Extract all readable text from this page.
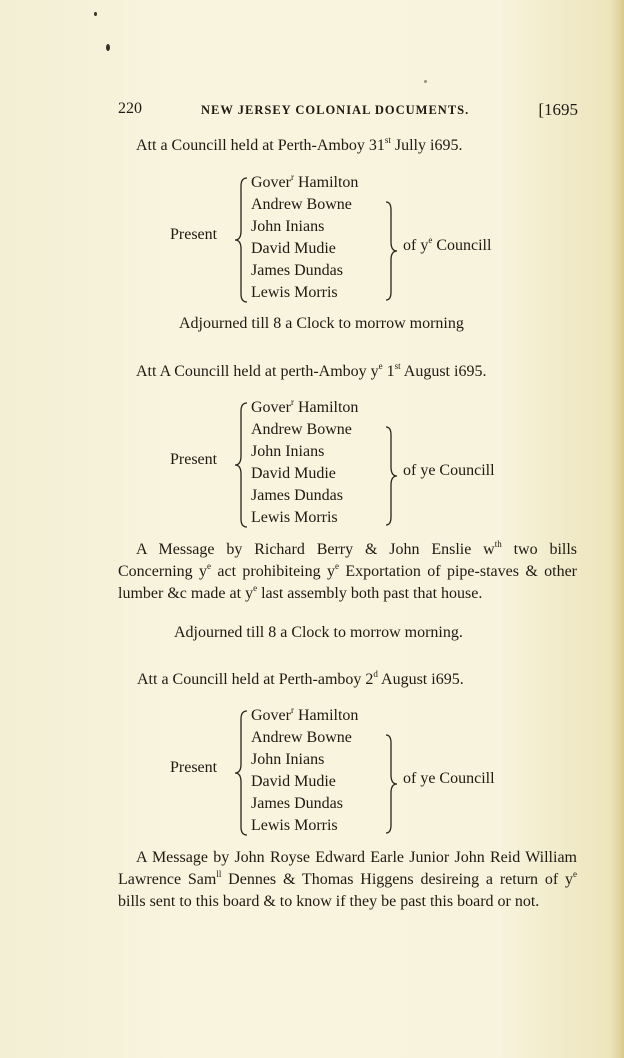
220	NEW JERSEY COLONIAL DOCUMENTS.	[1695
Att a Councill held at Perth-Amboy 31st Jully i695.
Present
Gover$^r$ Hamilton
Andrew Bowne
John Inians
David Mudie
James Dundas
Lewis Morris
of $y^e$ Councill
Adjourned till 8 a Clock to morrow morning
Att A Councill held at perth-Amboy $y^e$ 1st August i695.
Present
Gover$^r$ Hamilton
Andrew Bowne
John Inians
David Mudie
James Dundas
Lewis Morris
of ye Councill
A Message by Richard Berry & John Enslie $w^{th}$ two bills Concerning $y^e$ act prohibiteing $y^e$ Exportation of pipe-staves & other lumber &c made at $y^e$ last assembly both past that house.
Adjourned till 8 a Clock to morrow morning.
Att a Councill held at Perth-amboy 2$^d$ August i695.
Present
Gover$^r$ Hamilton
Andrew Bowne
John Inians
David Mudie
James Dundas
Lewis Morris
of ye Councill
A Message by John Royse Edward Earle Junior John Reid William Lawrence Sam$^{ll}$ Dennes & Thomas Higgens desireing a return of $y^e$ bills sent to this board & to know if they be past this board or not.
